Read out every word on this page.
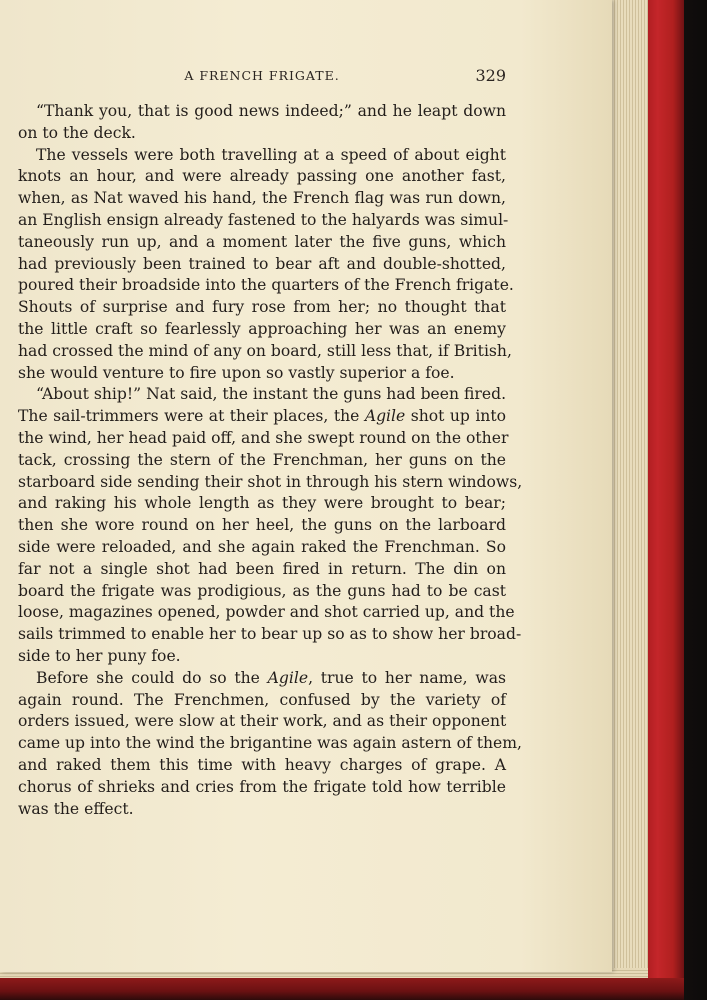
A FRENCH FRIGATE.	329
“Thank you, that is good news indeed;” and he leapt down
on to the deck.
The vessels were both travelling at a speed of about eight
knots an hour, and were already passing one another fast,
when, as Nat waved his hand, the French flag was run down,
an English ensign already fastened to the halyards was simul-
taneously run up, and a moment later the five guns, which
had previously been trained to bear aft and double-shotted,
poured their broadside into the quarters of the French frigate.
Shouts of surprise and fury rose from her; no thought that
the little craft so fearlessly approaching her was an enemy
had crossed the mind of any on board, still less that, if British,
she would venture to fire upon so vastly superior a foe.
“About ship!” Nat said, the instant the guns had been fired.
The sail-trimmers were at their places, the Agile shot up into
the wind, her head paid off, and she swept round on the other
tack, crossing the stern of the Frenchman, her guns on the
starboard side sending their shot in through his stern windows,
and raking his whole length as they were brought to bear;
then she wore round on her heel, the guns on the larboard
side were reloaded, and she again raked the Frenchman. So
far not a single shot had been fired in return. The din on
board the frigate was prodigious, as the guns had to be cast
loose, magazines opened, powder and shot carried up, and the
sails trimmed to enable her to bear up so as to show her broad-
side to her puny foe.
Before she could do so the Agile, true to her name, was
again round. The Frenchmen, confused by the variety of
orders issued, were slow at their work, and as their opponent
came up into the wind the brigantine was again astern of them,
and raked them this time with heavy charges of grape. A
chorus of shrieks and cries from the frigate told how terrible
was the effect.
